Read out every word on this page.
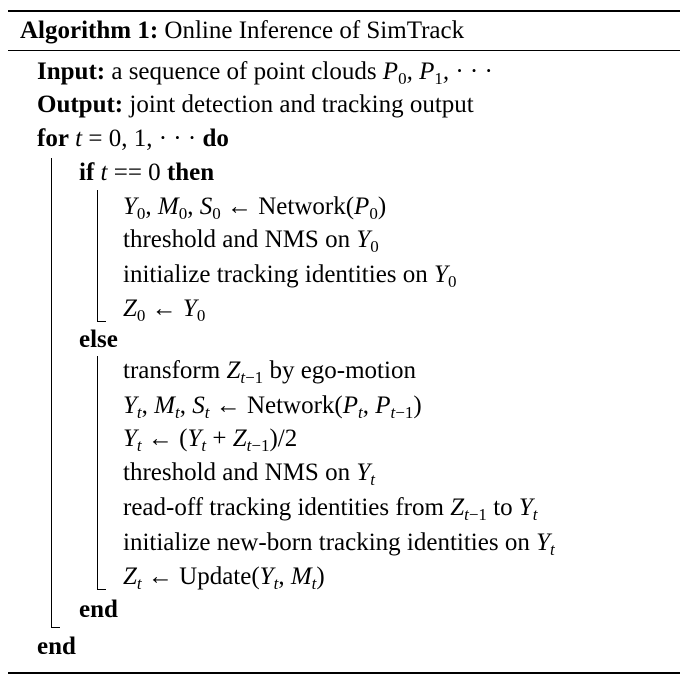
Algorithm 1: Online Inference of SimTrack
Input: a sequence of point clouds $P_0$, $P_1$, · · ·
Output: joint detection and tracking output
for t = 0, 1, · · · do
if t == 0 then
$Y_0$, $M_0$, $S_0$ ← $Network(P_0)$
threshold and NMS on $Y_0$
initialize tracking identities on $Y_0$
$Z_0$ ← $Y_0$
else
transform $Z_{t-1}$ by ego-motion
$Y_t$, $M_t$, $S_t$ ← $Network(P_t$, $P_{t-1}$)
$Y_t$ ← $(Y_t + Z_{t-1})/2$
threshold and NMS on $Y_t$
read-off tracking identities from $Z_{t-1}$ to $Y_t$
initialize new-born tracking identities on $Y_t$
$Z_t$ ← $Update(Y_t$, $M_t$)
end
end
